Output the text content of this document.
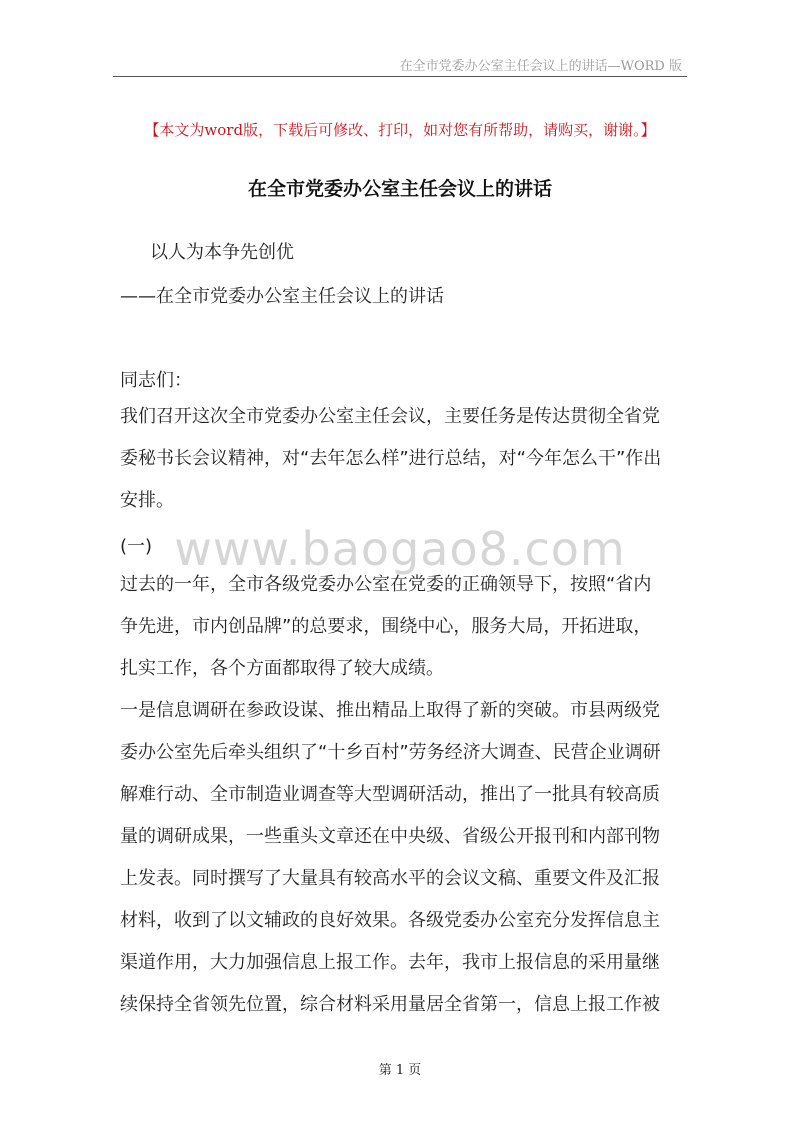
在全市党委办公室主任会议上的讲话—WORD 版
【本文为word版，下载后可修改、打印，如对您有所帮助，请购买，谢谢。】
在全市党委办公室主任会议上的讲话
以人为本争先创优
——在全市党委办公室主任会议上的讲话
同志们：
我们召开这次全市党委办公室主任会议，主要任务是传达贯彻全省党
委秘书长会议精神，对“去年怎么样”进行总结，对“今年怎么干”作出
安排。
www.baogao8.com
(一)
过去的一年，全市各级党委办公室在党委的正确领导下，按照“省内
争先进，市内创品牌”的总要求，围绕中心，服务大局，开拓进取，
扎实工作，各个方面都取得了较大成绩。
一是信息调研在参政设谋、推出精品上取得了新的突破。市县两级党
委办公室先后牵头组织了“十乡百村”劳务经济大调查、民营企业调研
解难行动、全市制造业调查等大型调研活动，推出了一批具有较高质
量的调研成果，一些重头文章还在中央级、省级公开报刊和内部刊物
上发表。同时撰写了大量具有较高水平的会议文稿、重要文件及汇报
材料，收到了以文辅政的良好效果。各级党委办公室充分发挥信息主
渠道作用，大力加强信息上报工作。去年，我市上报信息的采用量继
续保持全省领先位置，综合材料采用量居全省第一，信息上报工作被
第 1 页
